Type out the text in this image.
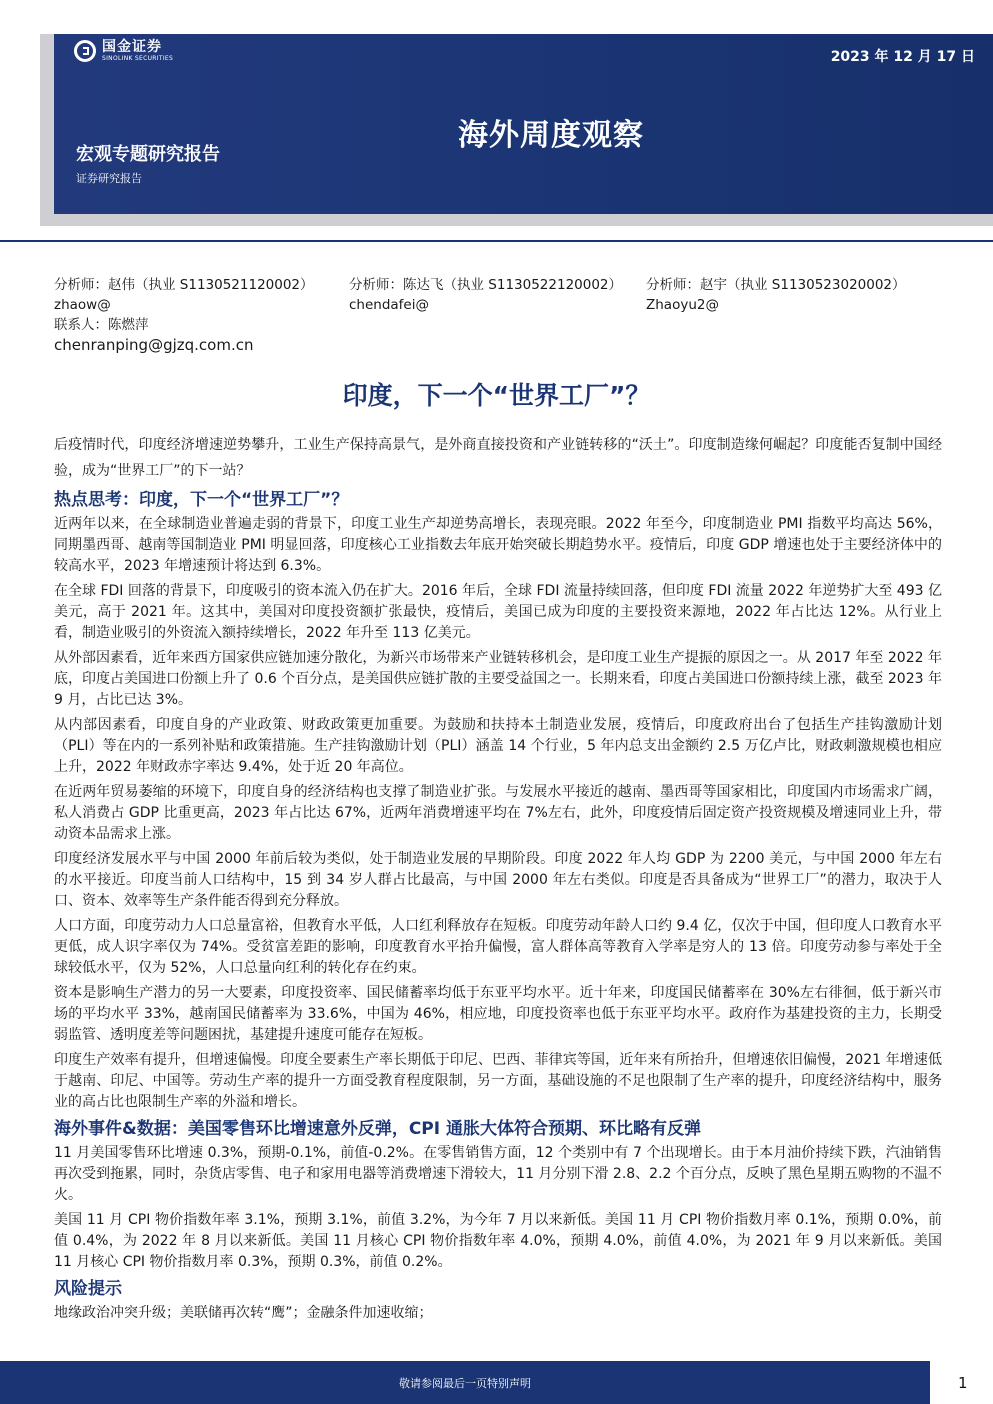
国金证券
SINOLINK SECURITIES	2023 年 12 月 17 日
海外周度观察
宏观专题研究报告
证券研究报告
分析师：赵伟（执业 S1130521120002）
zhaow@
联系人：陈燃萍
chenranping@gjzq.com.cn
分析师：陈达飞（执业 S1130522120002）
chendafei@
分析师：赵宇（执业 S1130523020002）
Zhaoyu2@
印度，下一个“世界工厂”？

后疫情时代，印度经济增速逆势攀升，工业生产保持高景气，是外商直接投资和产业链转移的“沃土”。印度制造缘何崛起？印度能否复制中国经验，成为“世界工厂”的下一站？

热点思考：印度，下一个“世界工厂”？

近两年以来，在全球制造业普遍走弱的背景下，印度工业生产却逆势高增长，表现亮眼。2022 年至今，印度制造业 PMI 指数平均高达 56%，同期墨西哥、越南等国制造业 PMI 明显回落，印度核心工业指数去年底开始突破长期趋势水平。疫情后，印度 GDP 增速也处于主要经济体中的较高水平，2023 年增速预计将达到 6.3%。

在全球 FDI 回落的背景下，印度吸引的资本流入仍在扩大。2016 年后，全球 FDI 流量持续回落，但印度 FDI 流量 2022 年逆势扩大至 493 亿美元，高于 2021 年。这其中，美国对印度投资额扩张最快，疫情后，美国已成为印度的主要投资来源地，2022 年占比达 12%。从行业上看，制造业吸引的外资流入额持续增长，2022 年升至 113 亿美元。

从外部因素看，近年来西方国家供应链加速分散化，为新兴市场带来产业链转移机会，是印度工业生产提振的原因之一。从 2017 年至 2022 年底，印度占美国进口份额上升了 0.6 个百分点，是美国供应链扩散的主要受益国之一。长期来看，印度占美国进口份额持续上涨，截至 2023 年 9 月，占比已达 3%。

从内部因素看，印度自身的产业政策、财政政策更加重要。为鼓励和扶持本土制造业发展，疫情后，印度政府出台了包括生产挂钩激励计划（PLI）等在内的一系列补贴和政策措施。生产挂钩激励计划（PLI）涵盖 14 个行业，5 年内总支出金额约 2.5 万亿卢比，财政刺激规模也相应上升，2022 年财政赤字率达 9.4%，处于近 20 年高位。

在近两年贸易萎缩的环境下，印度自身的经济结构也支撑了制造业扩张。与发展水平接近的越南、墨西哥等国家相比，印度国内市场需求广阔，私人消费占 GDP 比重更高，2023 年占比达 67%，近两年消费增速平均在 7%左右，此外，印度疫情后固定资产投资规模及增速同业上升，带动资本品需求上涨。

印度经济发展水平与中国 2000 年前后较为类似，处于制造业发展的早期阶段。印度 2022 年人均 GDP 为 2200 美元，与中国 2000 年左右的水平接近。印度当前人口结构中，15 到 34 岁人群占比最高，与中国 2000 年左右类似。印度是否具备成为“世界工厂”的潜力，取决于人口、资本、效率等生产条件能否得到充分释放。

人口方面，印度劳动力人口总量富裕，但教育水平低，人口红利释放存在短板。印度劳动年龄人口约 9.4 亿，仅次于中国，但印度人口教育水平更低，成人识字率仅为 74%。受贫富差距的影响，印度教育水平抬升偏慢，富人群体高等教育入学率是穷人的 13 倍。印度劳动参与率处于全球较低水平，仅为 52%，人口总量向红利的转化存在约束。

资本是影响生产潜力的另一大要素，印度投资率、国民储蓄率均低于东亚平均水平。近十年来，印度国民储蓄率在 30%左右徘徊，低于新兴市场的平均水平 33%，越南国民储蓄率为 33.6%，中国为 46%，相应地，印度投资率也低于东亚平均水平。政府作为基建投资的主力，长期受弱监管、透明度差等问题困扰，基建提升速度可能存在短板。

印度生产效率有提升，但增速偏慢。印度全要素生产率长期低于印尼、巴西、菲律宾等国，近年来有所抬升，但增速依旧偏慢，2021 年增速低于越南、印尼、中国等。劳动生产率的提升一方面受教育程度限制，另一方面，基础设施的不足也限制了生产率的提升，印度经济结构中，服务业的高占比也限制生产率的外溢和增长。

海外事件&数据：美国零售环比增速意外反弹，CPI 通胀大体符合预期、环比略有反弹

11 月美国零售环比增速 0.3%，预期-0.1%，前值-0.2%。在零售销售方面，12 个类别中有 7 个出现增长。由于本月油价持续下跌，汽油销售再次受到拖累，同时，杂货店零售、电子和家用电器等消费增速下滑较大，11 月分别下滑 2.8、2.2 个百分点，反映了黑色星期五购物的不温不火。

美国 11 月 CPI 物价指数年率 3.1%，预期 3.1%，前值 3.2%，为今年 7 月以来新低。美国 11 月 CPI 物价指数月率 0.1%，预期 0.0%，前值 0.4%，为 2022 年 8 月以来新低。美国 11 月核心 CPI 物价指数年率 4.0%，预期 4.0%，前值 4.0%，为 2021 年 9 月以来新低。美国 11 月核心 CPI 物价指数月率 0.3%，预期 0.3%，前值 0.2%。

风险提示

地缘政治冲突升级；美联储再次转“鹰”；金融条件加速收缩；

敬请参阅最后一页特别声明	1
